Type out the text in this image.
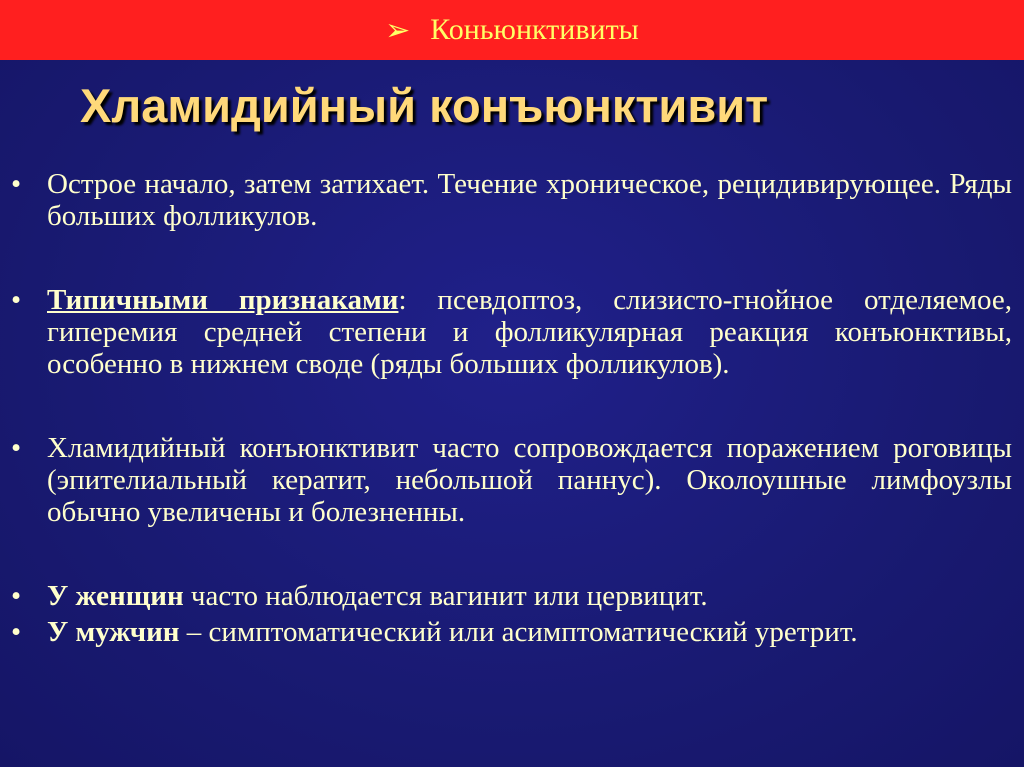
➢ Коньюнктивиты
Хламидийный конъюнктивит
• Острое начало, затем затихает. Течение хроническое, рецидивирующее. Ряды больших фолликулов.
• Типичными признаками: псевдоптоз, слизисто-гнойное отделяемое, гиперемия средней степени и фолликулярная реакция конъюнктивы, особенно в нижнем своде (ряды больших фолликулов).
• Хламидийный конъюнктивит часто сопровождается поражением роговицы (эпителиальный кератит, небольшой паннус). Околоушные лимфоузлы обычно увеличены и болезненны.
• У женщин часто наблюдается вагинит или цервицит.
• У мужчин – симптоматический или асимптоматический уретрит.
